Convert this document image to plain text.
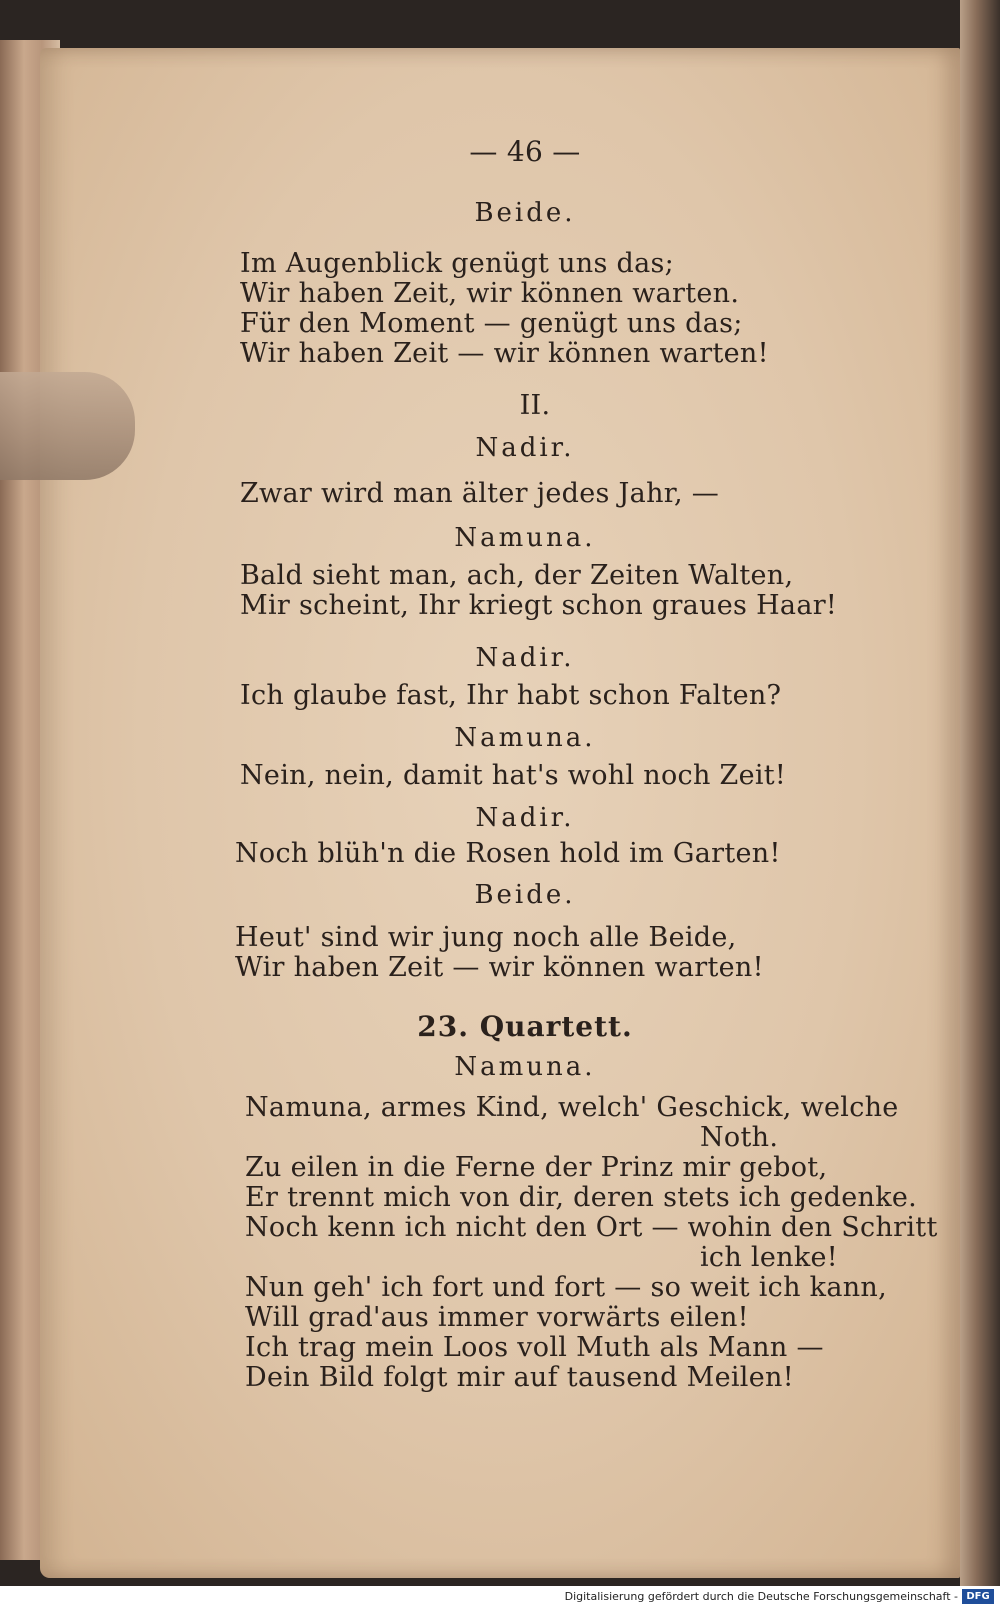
— 46 —
Beide.
Im Augenblick genügt uns das;
Wir haben Zeit, wir können warten.
Für den Moment — genügt uns das;
Wir haben Zeit — wir können warten!
II.
Nadir.
Zwar wird man älter jedes Jahr, —
Namuna.
Bald sieht man, ach, der Zeiten Walten,
Mir scheint, Ihr kriegt schon graues Haar!
Nadir.
Ich glaube fast, Ihr habt schon Falten?
Namuna.
Nein, nein, damit hat's wohl noch Zeit!
Nadir.
Noch blüh'n die Rosen hold im Garten!
Beide.
Heut' sind wir jung noch alle Beide,
Wir haben Zeit — wir können warten!
23. Quartett.
Namuna.
Namuna, armes Kind, welch' Geschick, welche
Noth.
Zu eilen in die Ferne der Prinz mir gebot,
Er trennt mich von dir, deren stets ich gedenke.
Noch kenn ich nicht den Ort — wohin den Schritt
ich lenke!
Nun geh' ich fort und fort — so weit ich kann,
Will grad'aus immer vorwärts eilen!
Ich trag mein Loos voll Muth als Mann —
Dein Bild folgt mir auf tausend Meilen!
Digitalisierung gefördert durch die Deutsche Forschungsgemeinschaft - DFG
